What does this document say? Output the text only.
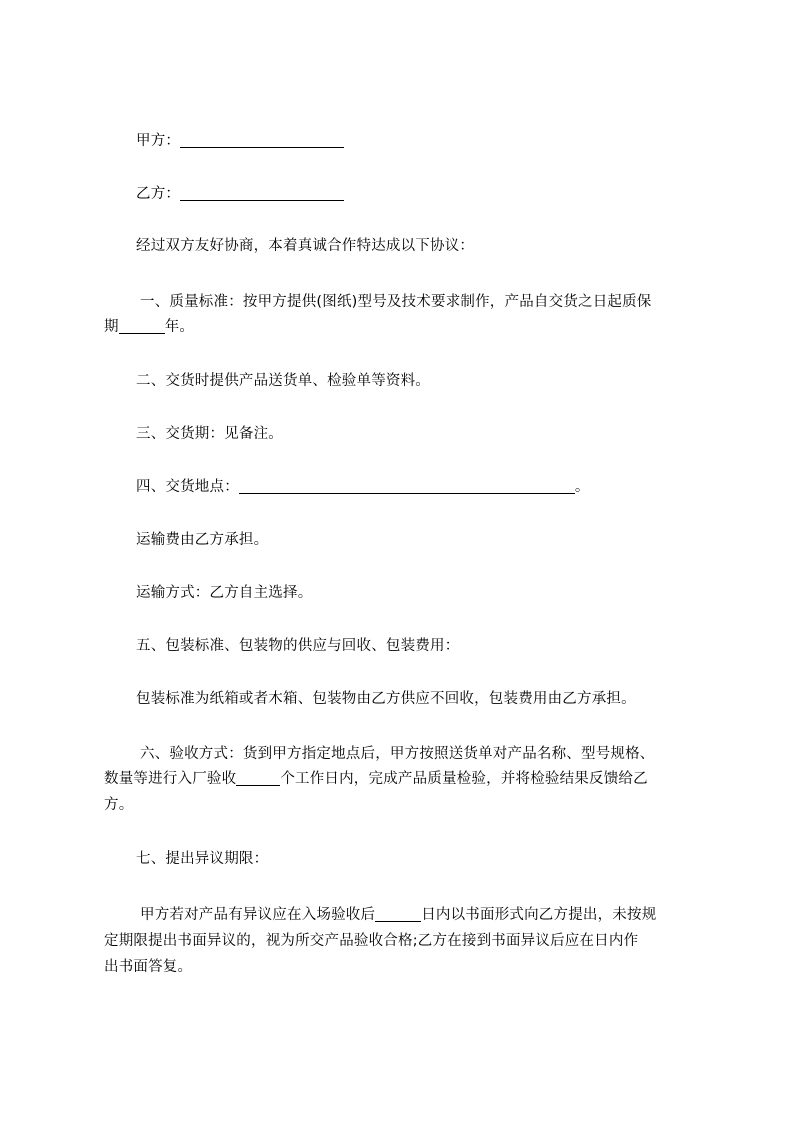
甲方：
乙方：
经过双方友好协商，本着真诚合作特达成以下协议：
一、质量标准：按甲方提供(图纸)型号及技术要求制作，产品自交货之日起质保
期	年。
二、交货时提供产品送货单、检验单等资料。
三、交货期：见备注。
四、交货地点：	。
运输费由乙方承担。
运输方式：乙方自主选择。
五、包装标准、包装物的供应与回收、包装费用：
包装标准为纸箱或者木箱、包装物由乙方供应不回收，包装费用由乙方承担。
六、验收方式：货到甲方指定地点后，甲方按照送货单对产品名称、型号规格、
数量等进行入厂验收	个工作日内，完成产品质量检验，并将检验结果反馈给乙
方。
七、提出异议期限：
甲方若对产品有异议应在入场验收后	日内以书面形式向乙方提出，未按规
定期限提出书面异议的，视为所交产品验收合格;乙方在接到书面异议后应在日内作
出书面答复。
